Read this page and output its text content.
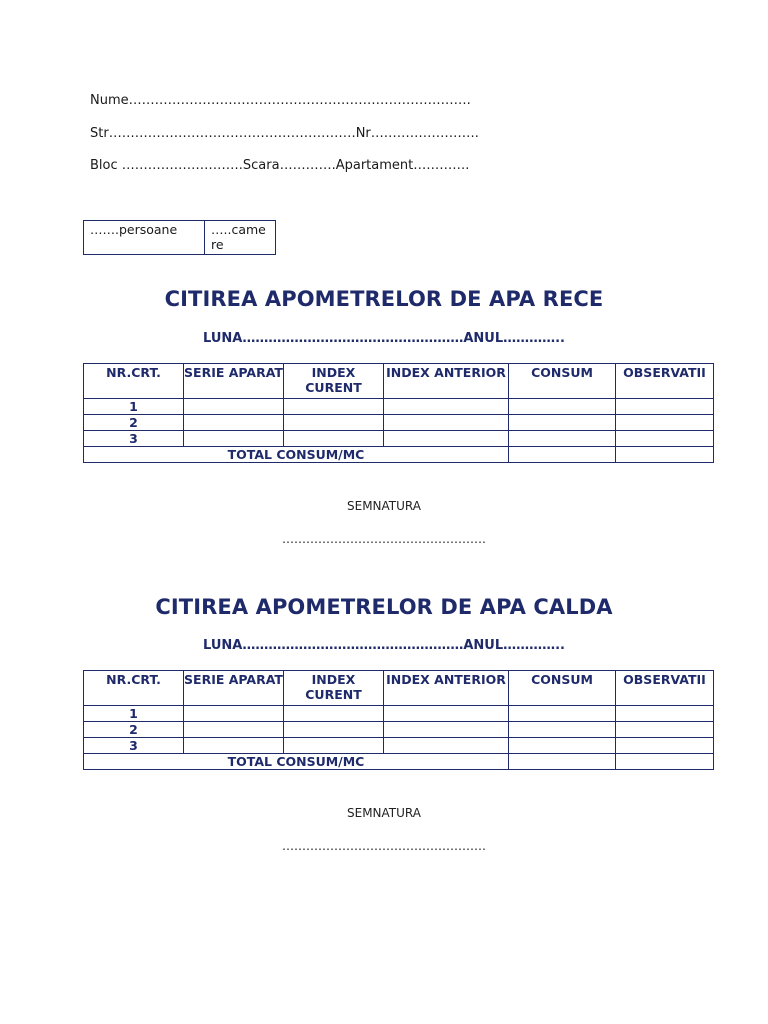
Nume…………………………………………………………………….
Str…………………………………………………Nr…………………….
Bloc ……………………….Scara………….Apartament………….
…….persoane	…..camere
CITIREA APOMETRELOR DE APA RECE
LUNA……………………………………………ANUL…………..
NR.CRT.	SERIE APARAT	INDEX CURENT	INDEX ANTERIOR	CONSUM	OBSERVATII
1					
2					
3					
TOTAL CONSUM/MC					
SEMNATURA
……………………………………………
CITIREA APOMETRELOR DE APA CALDA
LUNA……………………………………………ANUL…………..
NR.CRT.	SERIE APARAT	INDEX CURENT	INDEX ANTERIOR	CONSUM	OBSERVATII
1					
2					
3					
TOTAL CONSUM/MC					
SEMNATURA
……………………………………………
